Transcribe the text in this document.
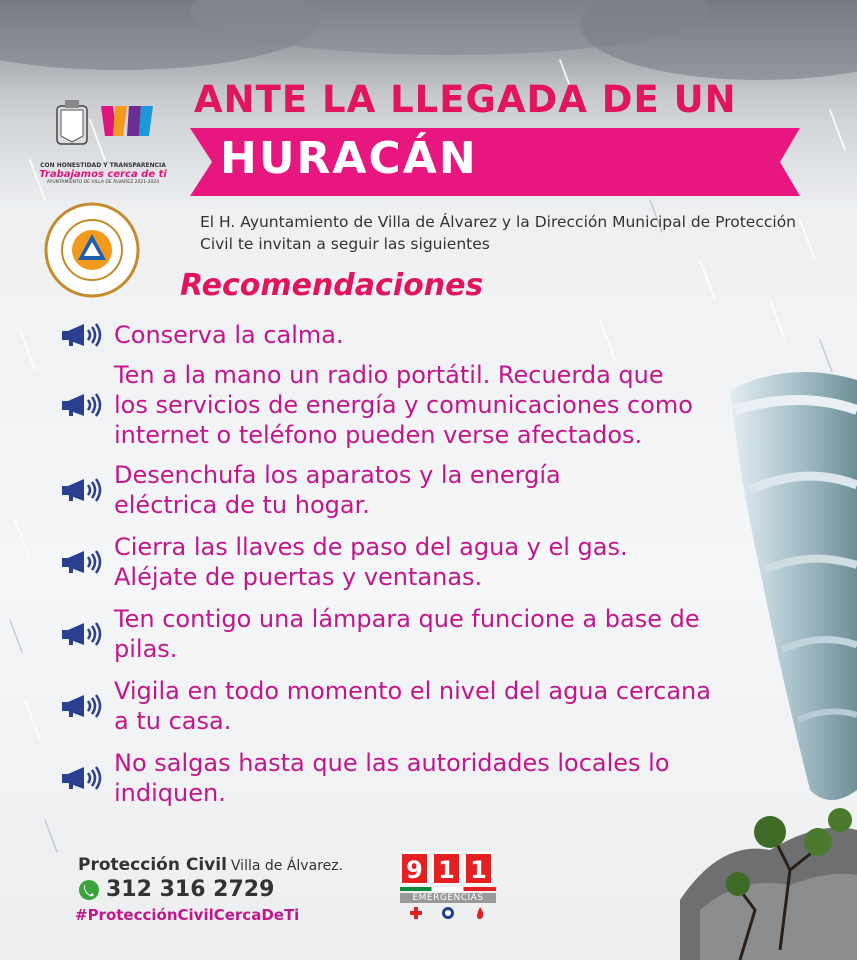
CON HONESTIDAD Y TRANSPARENCIA
Trabajamos cerca de ti
AYUNTAMIENTO DE VILLA DE ÁLVAREZ 2021-2024
ANTE LA LLEGADA DE UN
HURACÁN
El H. Ayuntamiento de Villa de Álvarez y la Dirección Municipal de Protección Civil te invitan a seguir las siguientes
Recomendaciones
Conserva la calma.
Ten a la mano un radio portátil. Recuerda que los servicios de energía y comunicaciones como internet o teléfono pueden verse afectados.
Desenchufa los aparatos y la energía eléctrica de tu hogar.
Cierra las llaves de paso del agua y el gas. Aléjate de puertas y ventanas.
Ten contigo una lámpara que funcione a base de pilas.
Vigila en todo momento el nivel del agua cercana a tu casa.
No salgas hasta que las autoridades locales lo indiquen.
Protección Civil Villa de Álvarez.
312 316 2729
#ProtecciónCivilCercaDeTi
9 1 1
EMERGENCIAS
